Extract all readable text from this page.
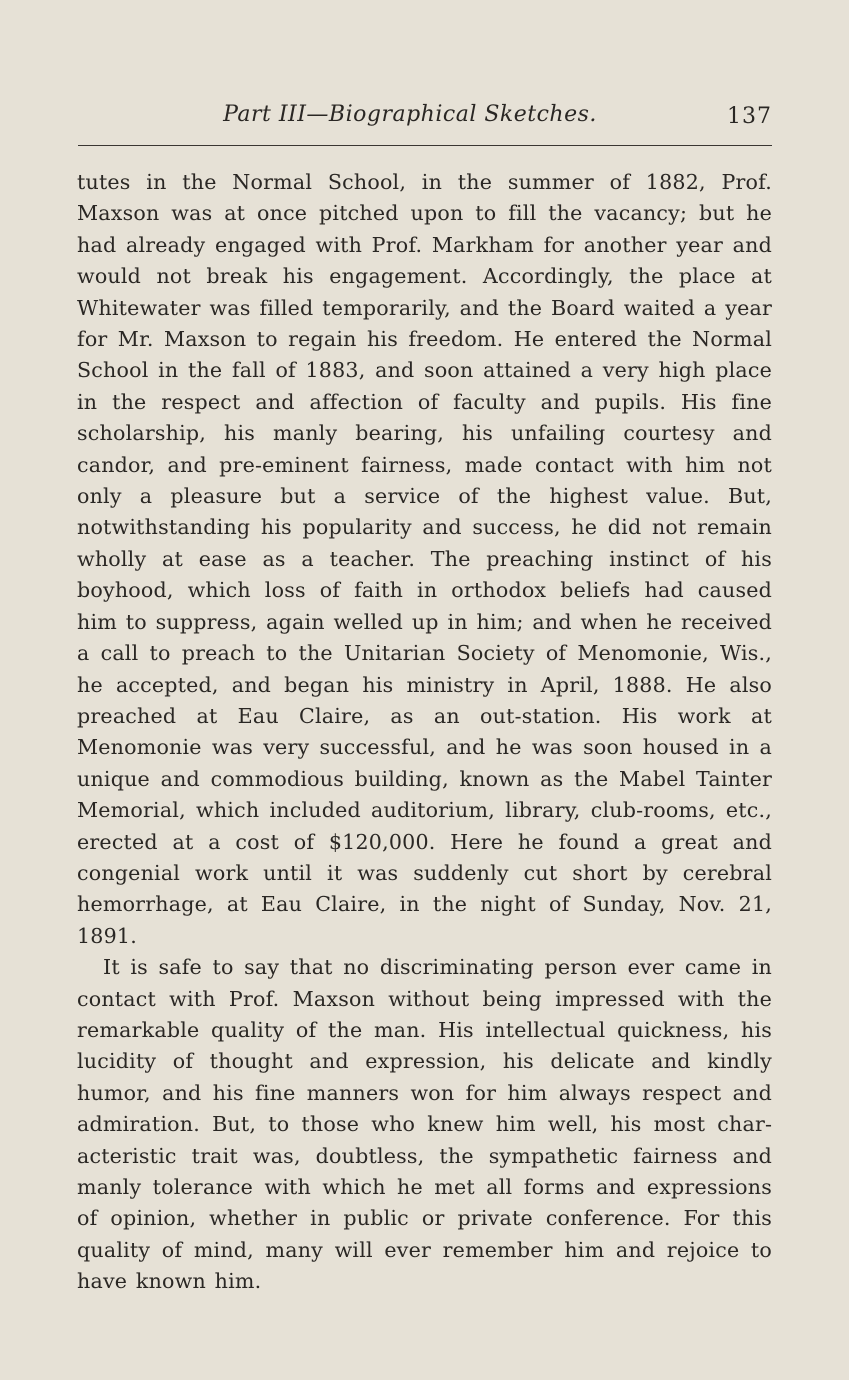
Part III—Biographical Sketches.	137

tutes in the Normal School, in the summer of 1882, Prof. Maxson was at once pitched upon to fill the vacancy; but he had already engaged with Prof. Markham for another year and would not break his engagement. Accordingly, the place at Whitewater was filled temporarily, and the Board waited a year for Mr. Maxson to regain his freedom. He entered the Normal School in the fall of 1883, and soon attained a very high place in the respect and affection of faculty and pupils. His fine scholarship, his manly bearing, his unfailing courtesy and candor, and pre-eminent fairness, made contact with him not only a pleasure but a service of the highest value. But, notwithstanding his popularity and success, he did not remain wholly at ease as a teacher. The preaching instinct of his boyhood, which loss of faith in orthodox beliefs had caused him to suppress, again welled up in him; and when he received a call to preach to the Unitarian Society of Menomonie, Wis., he accepted, and began his ministry in April, 1888. He also preached at Eau Claire, as an out-station. His work at Menomonie was very successful, and he was soon housed in a unique and commodious building, known as the Mabel Tainter Memorial, which included auditorium, library, club-rooms, etc., erected at a cost of $120,000. Here he found a great and congenial work until it was suddenly cut short by cerebral hemorrhage, at Eau Claire, in the night of Sunday, Nov. 21, 1891.

It is safe to say that no discriminating person ever came in contact with Prof. Maxson without being impressed with the remarkable quality of the man. His intellectual quickness, his lucidity of thought and expression, his delicate and kindly humor, and his fine manners won for him always respect and admiration. But, to those who knew him well, his most characteristic trait was, doubtless, the sympathetic fairness and manly tolerance with which he met all forms and expressions of opinion, whether in public or private conference. For this quality of mind, many will ever remember him and rejoice to have known him.
